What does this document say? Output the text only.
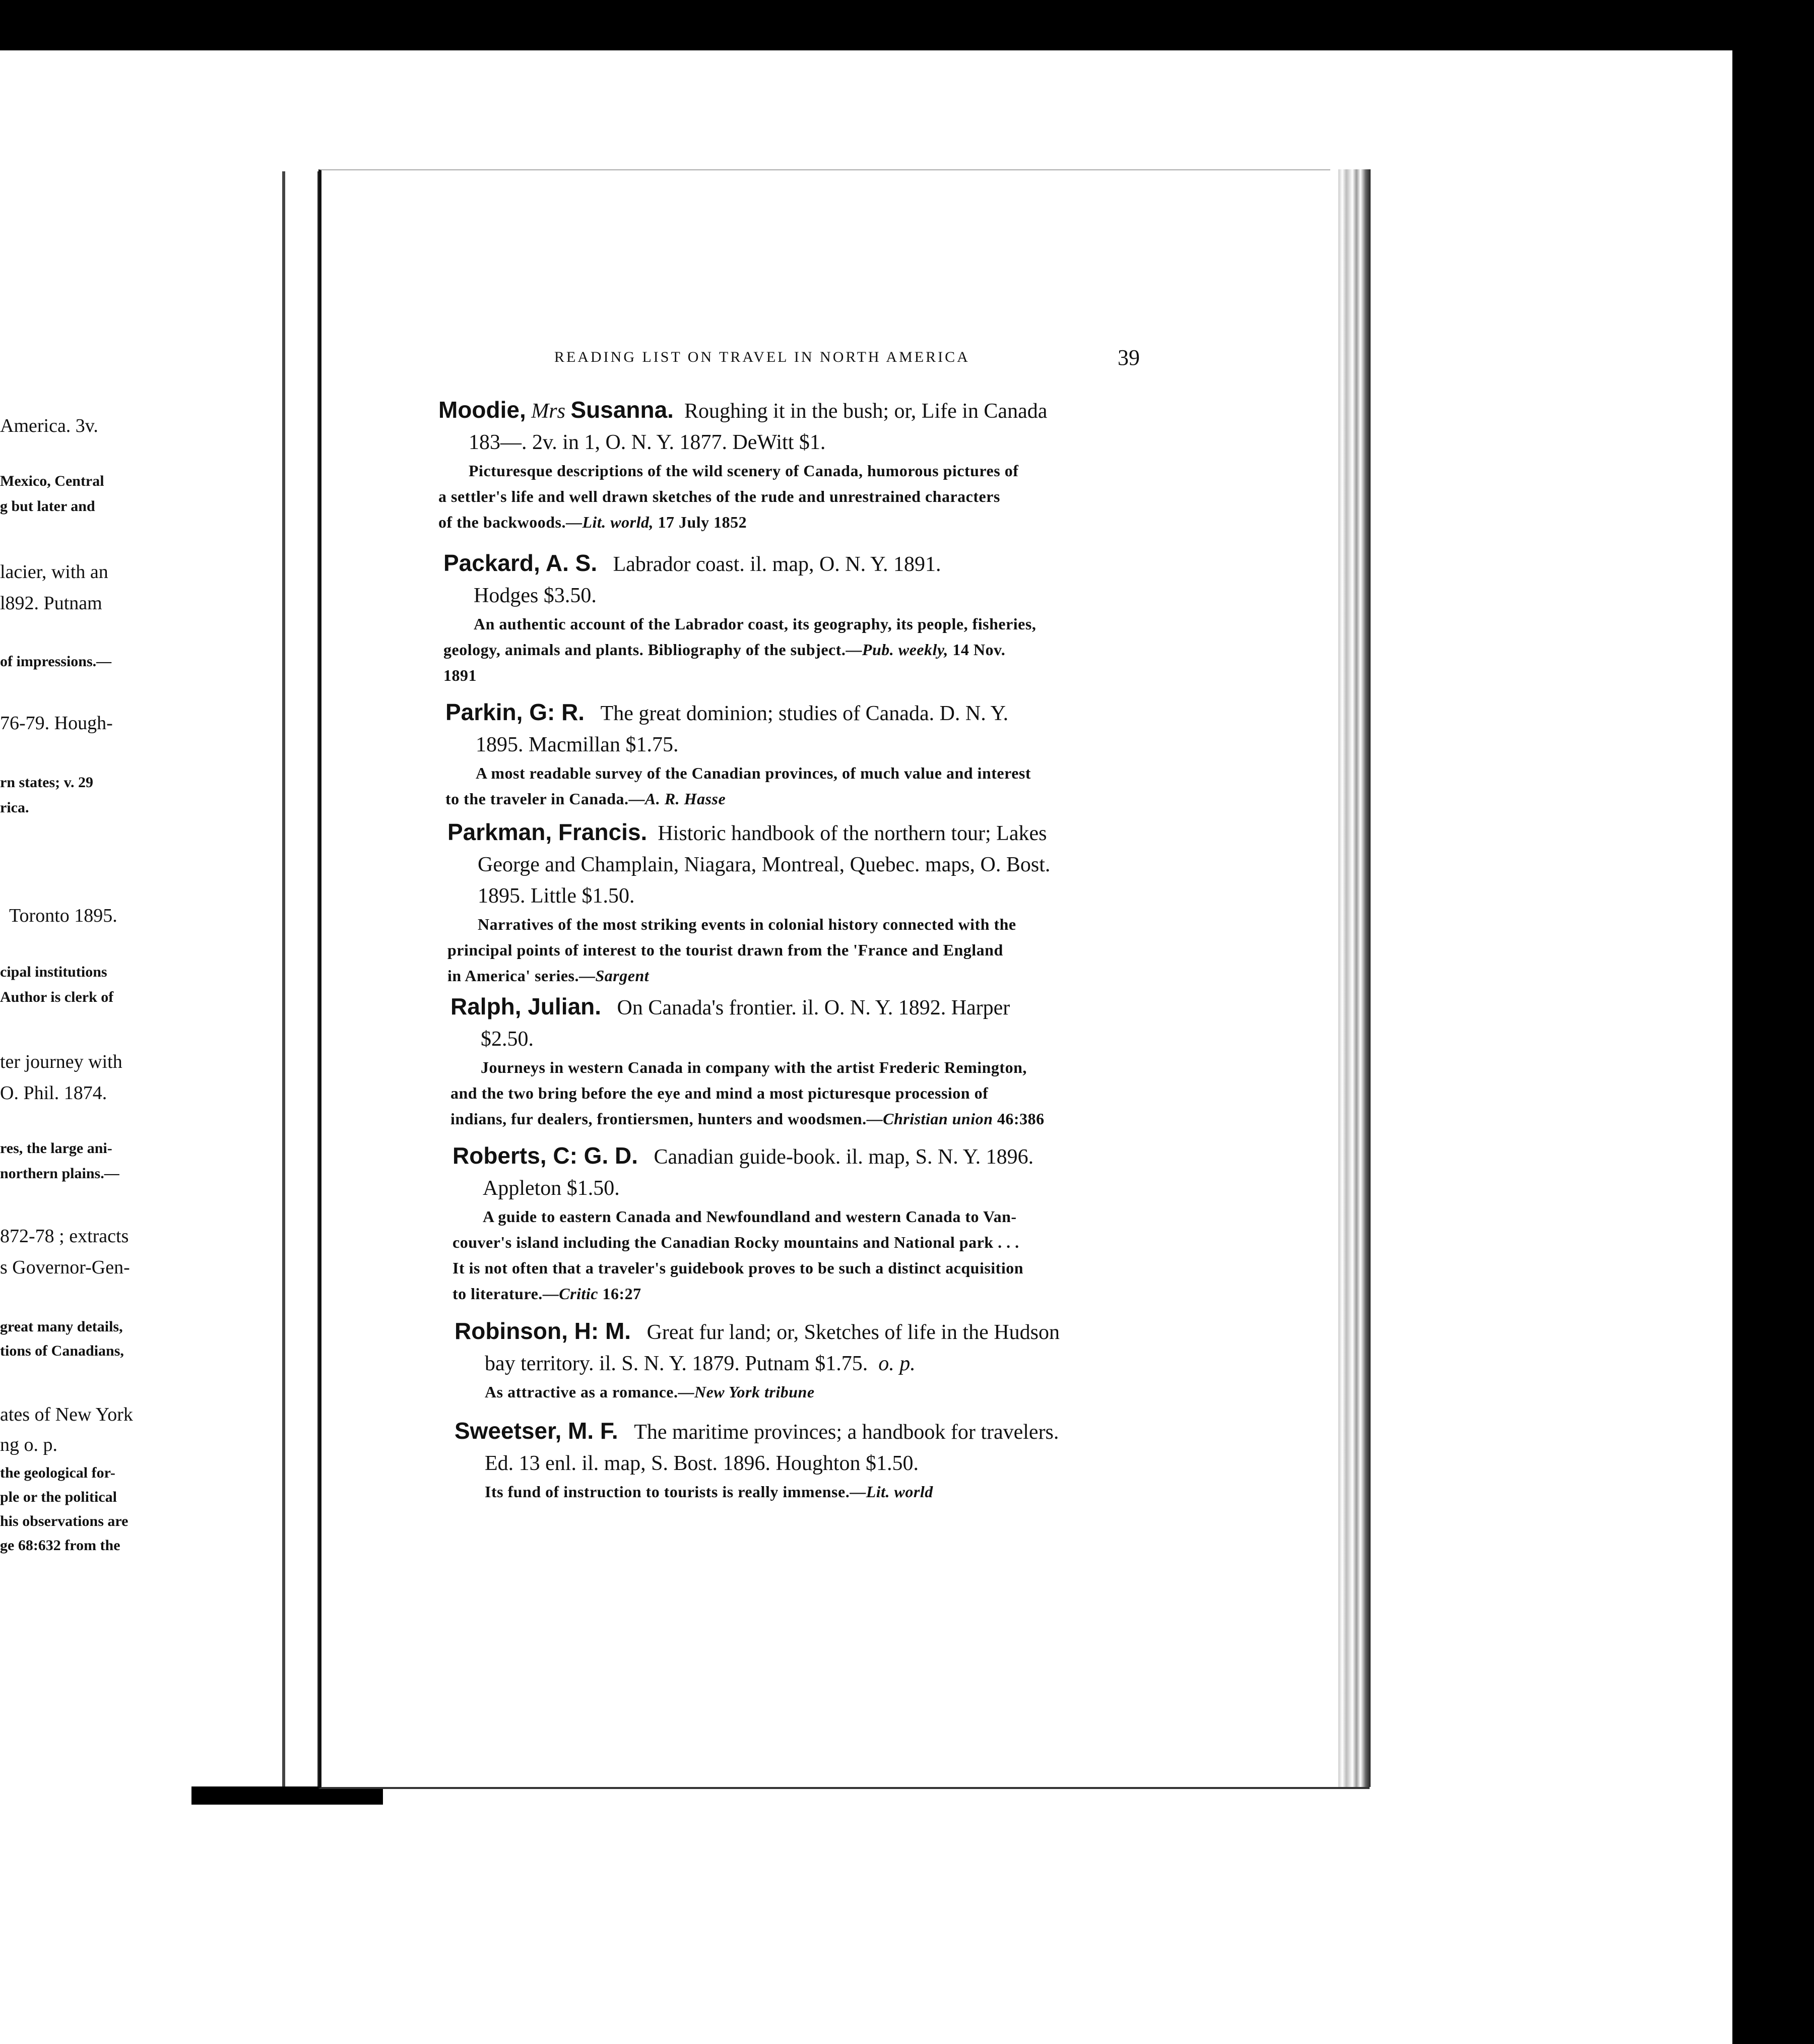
America. 3v.
Mexico, Central
g but later and
lacier, with an
l892. Putnam
of impressions.—
76-79. Hough-
rn states; v. 29
rica.
Toronto 1895.
cipal institutions
Author is clerk of
ter journey with
O. Phil. 1874.
res, the large ani-
northern plains.—
872-78 ; extracts
s Governor-Gen-
great many details,
tions of Canadians,
ates of New York
ng o. p.
the geological for-
ple or the political
his observations are
ge 68:632 from the
READING LIST ON TRAVEL IN NORTH AMERICA	39
Moodie, Mrs Susanna. Roughing it in the bush; or, Life in Canada
183—. 2v. in 1, O. N. Y. 1877. DeWitt $1.
Picturesque descriptions of the wild scenery of Canada, humorous pictures of
a settler's life and well drawn sketches of the rude and unrestrained characters
of the backwoods.—Lit. world, 17 July 1852
Packard, A. S. Labrador coast. il. map, O. N. Y. 1891.
Hodges $3.50.
An authentic account of the Labrador coast, its geography, its people, fisheries,
geology, animals and plants. Bibliography of the subject.—Pub. weekly, 14 Nov.
1891
Parkin, G: R. The great dominion; studies of Canada. D. N. Y.
1895. Macmillan $1.75.
A most readable survey of the Canadian provinces, of much value and interest
to the traveler in Canada.—A. R. Hasse
Parkman, Francis. Historic handbook of the northern tour; Lakes
George and Champlain, Niagara, Montreal, Quebec. maps, O. Bost.
1895. Little $1.50.
Narratives of the most striking events in colonial history connected with the
principal points of interest to the tourist drawn from the 'France and England
in America' series.—Sargent
Ralph, Julian. On Canada's frontier. il. O. N. Y. 1892. Harper
$2.50.
Journeys in western Canada in company with the artist Frederic Remington,
and the two bring before the eye and mind a most picturesque procession of
indians, fur dealers, frontiersmen, hunters and woodsmen.—Christian union 46:386
Roberts, C: G. D. Canadian guide-book. il. map, S. N. Y. 1896.
Appleton $1.50.
A guide to eastern Canada and Newfoundland and western Canada to Van-
couver's island including the Canadian Rocky mountains and National park . . .
It is not often that a traveler's guidebook proves to be such a distinct acquisition
to literature.—Critic 16:27
Robinson, H: M. Great fur land; or, Sketches of life in the Hudson
bay territory. il. S. N. Y. 1879. Putnam $1.75. o. p.
As attractive as a romance.—New York tribune
Sweetser, M. F. The maritime provinces; a handbook for travelers.
Ed. 13 enl. il. map, S. Bost. 1896. Houghton $1.50.
Its fund of instruction to tourists is really immense.—Lit. world
